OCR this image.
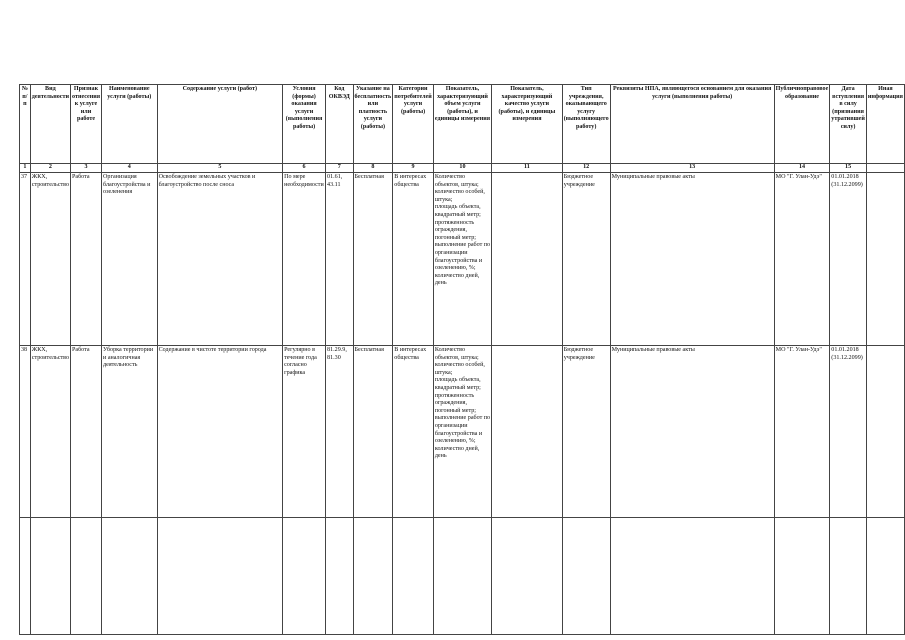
№ п/п	Вид деятельности	Признак отнесения к услуге или работе	Наименование услуги (работы)	Содержание услуги (работ)	Условия (формы) оказания услуги (выполнения работы)	Код ОКВЭД	Указание на бесплатность или платность услуги (работы)	Категории потребителей услуги (работы)	Показатель, характеризующий объем услуги (работы), и единицы измерения	Показатель, характеризующий качество услуги (работы), и единицы измерения	Тип учреждения, оказывающего услугу (выполняющего работу)	Реквизиты НПА, являющегося основанием для оказания услуги (выполнения работы)	Публичноправовое образование	Дата вступления в силу (признания утратившей силу)	Иная информация
1	2	3	4	5	6	7	8	9	10	11	12	13	14	15	
37	ЖКХ, строительство	Работа	Организация благоустройства и озеленения	Освобождение земельных участков и благоустройство после сноса	По мере необходимости	01.61, 43.11	Бесплатная	В интересах общества	Количество объектов, штука;
количество особей, штука;
площадь объекта, квадратный метр;
протяженность ограждения, погонный метр;
выполнение работ по организации благоустройства и озеленению, %; количество дней, день		Бюджетное учреждение	Муниципальные правовые акты	МО "Г. Улан-Удэ"	01.01.2018 (31.12.2099)	
38	ЖКХ, строительство	Работа	Уборка территории и аналогичная деятельность	Содержание в чистоте территории города	Регулярно в течение года согласно графика	81.29.9, 81.30	Бесплатная	В интересах общества	Количество объектов, штука;
количество особей, штука;
площадь объекта, квадратный метр;
протяженность ограждения, погонный метр;
выполнение работ по организации благоустройства и озеленению, %; количество дней, день		Бюджетное учреждение	Муниципальные правовые акты	МО "Г. Улан-Удэ"	01.01.2018 (31.12.2099)	
